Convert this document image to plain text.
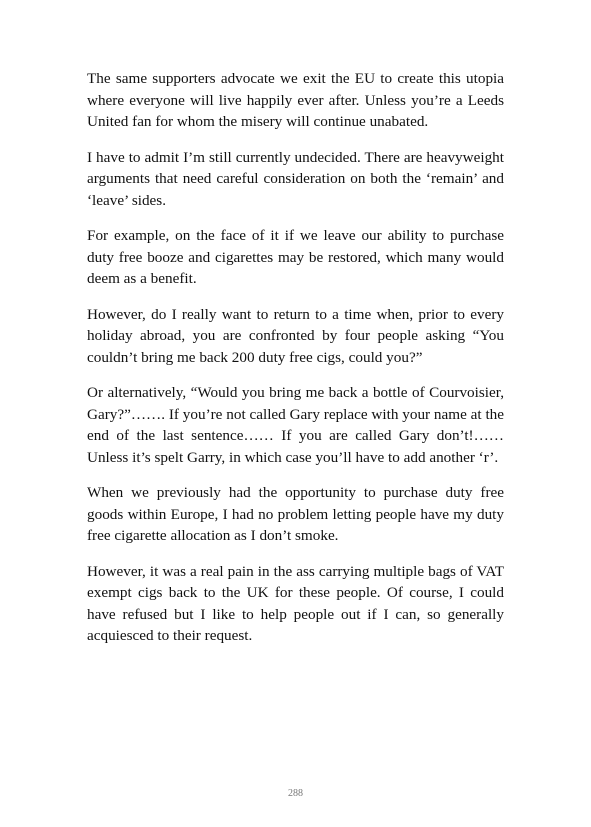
The same supporters advocate we exit the EU to create this utopia where everyone will live happily ever after. Unless you’re a Leeds United fan for whom the misery will continue unabated.

I have to admit I’m still currently undecided. There are heavyweight arguments that need careful consideration on both the ‘remain’ and ‘leave’ sides.

For example, on the face of it if we leave our ability to purchase duty free booze and cigarettes may be restored, which many would deem as a benefit.

However, do I really want to return to a time when, prior to every holiday abroad, you are confronted by four people asking “You couldn’t bring me back 200 duty free cigs, could you?”

Or alternatively, “Would you bring me back a bottle of Courvoisier, Gary?”……. If you’re not called Gary replace with your name at the end of the last sentence…… If you are called Gary don’t!…… Unless it’s spelt Garry, in which case you’ll have to add another ‘r’.

When we previously had the opportunity to purchase duty free goods within Europe, I had no problem letting people have my duty free cigarette allocation as I don’t smoke.

However, it was a real pain in the ass carrying multiple bags of VAT exempt cigs back to the UK for these people. Of course, I could have refused but I like to help people out if I can, so generally acquiesced to their request.

288
